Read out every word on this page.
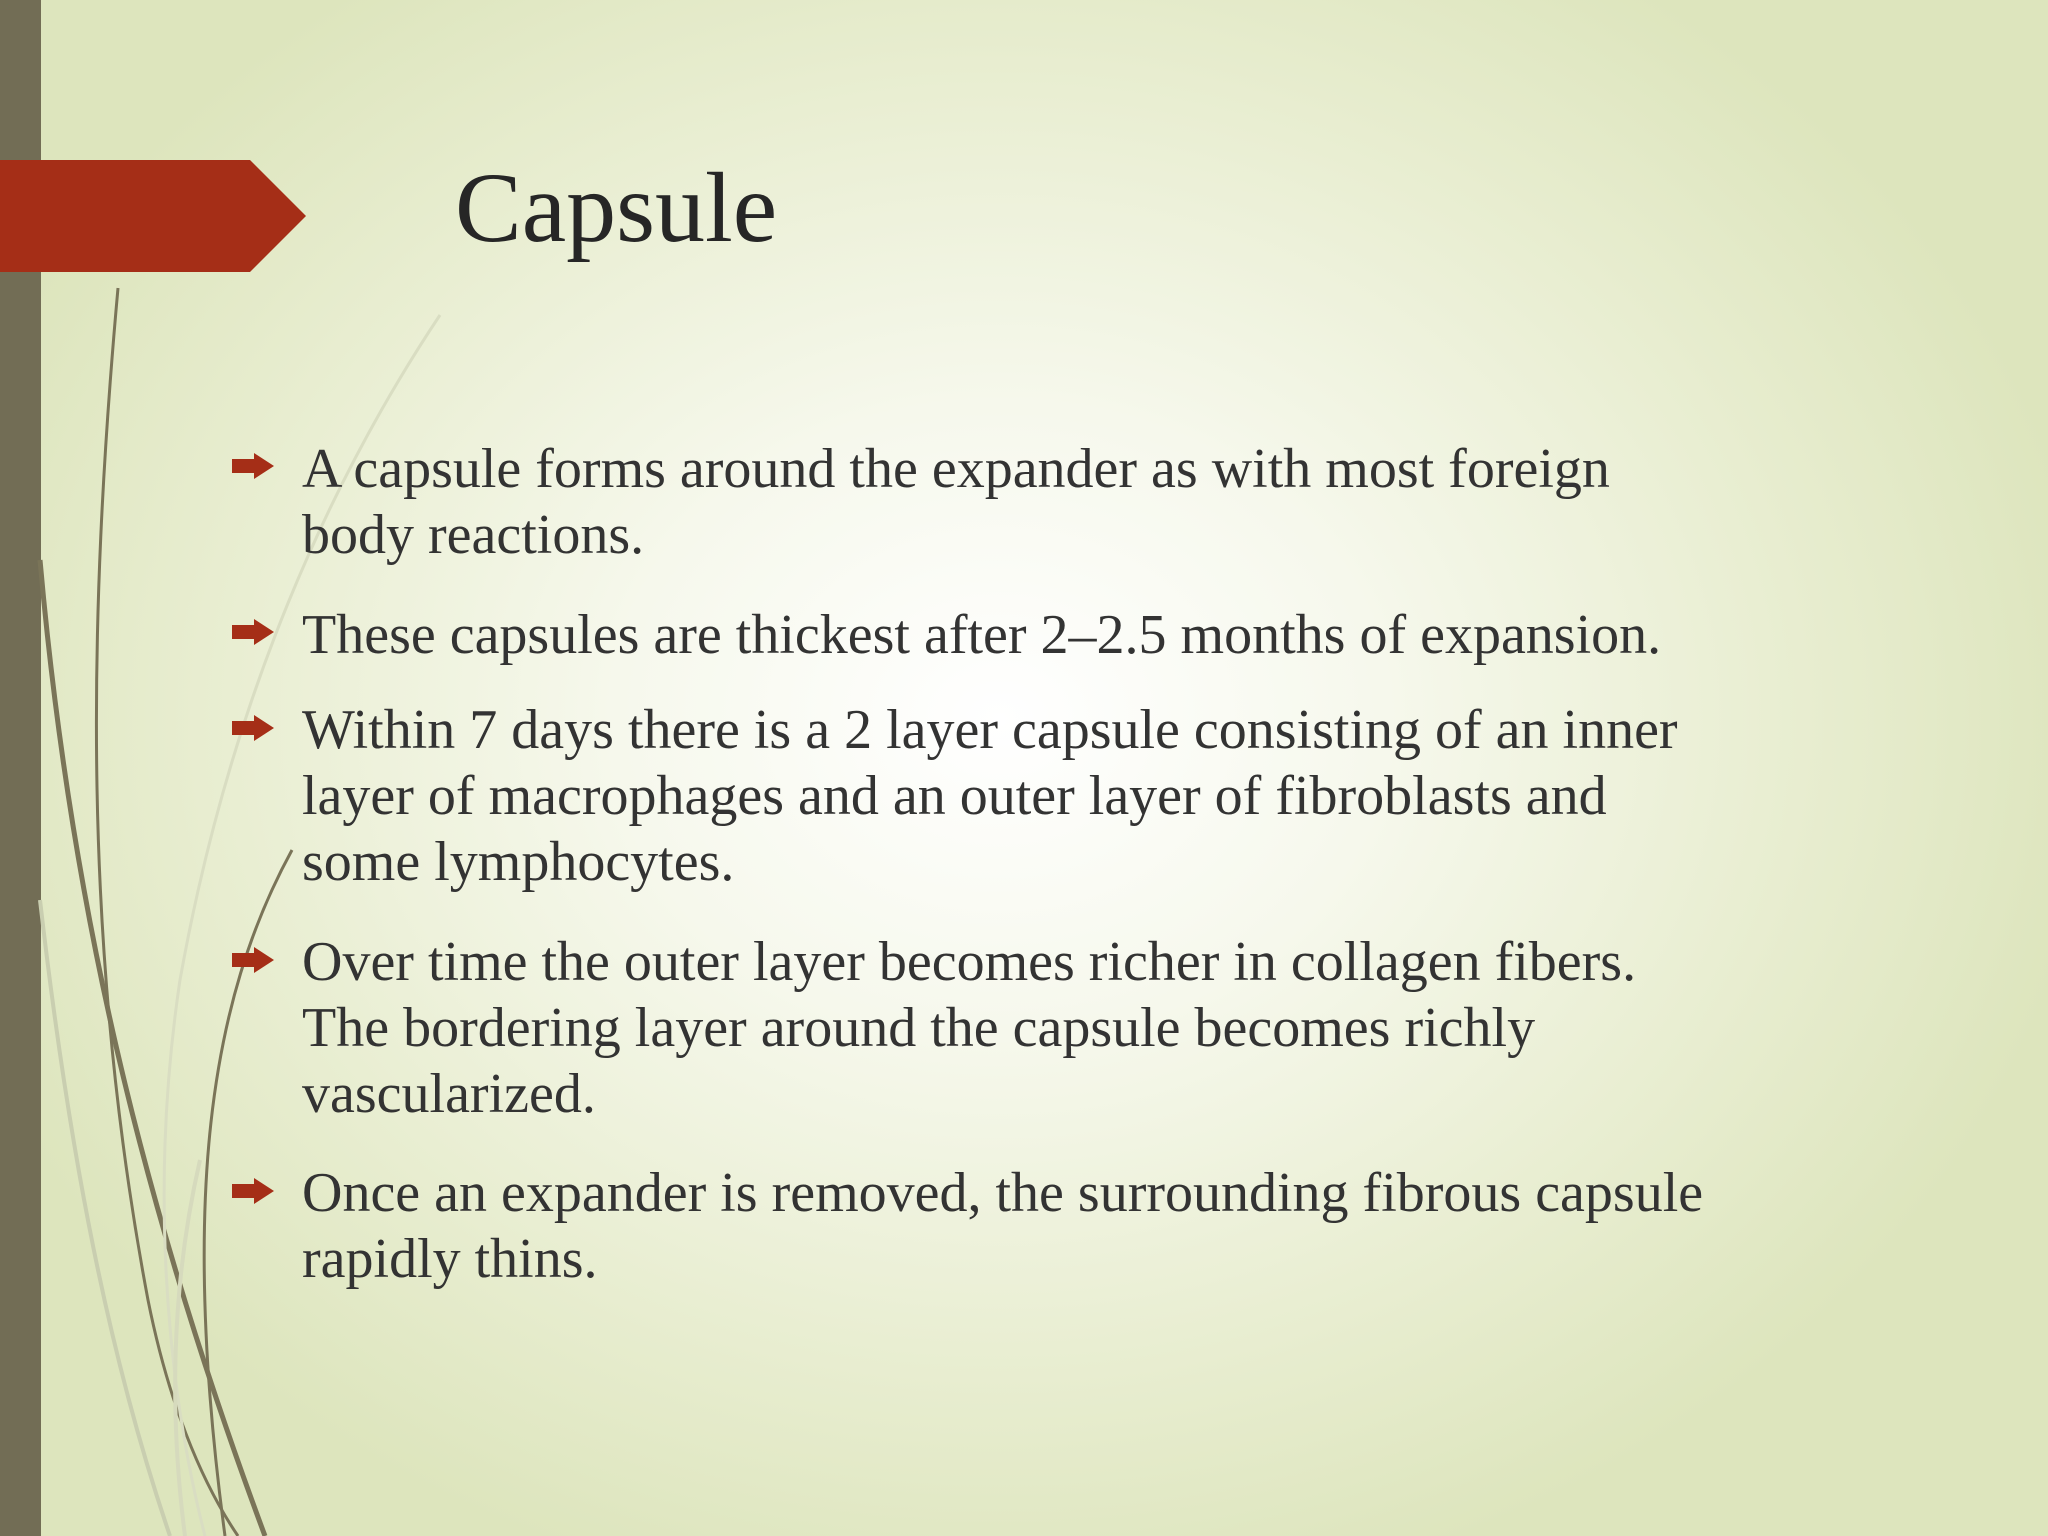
Capsule
A capsule forms around the expander as with most foreign
body reactions.
These capsules are thickest after 2–2.5 months of expansion.
Within 7 days there is a 2 layer capsule consisting of an inner
layer of macrophages and an outer layer of fibroblasts and
some lymphocytes.
Over time the outer layer becomes richer in collagen fibers.
The bordering layer around the capsule becomes richly
vascularized.
Once an expander is removed, the surrounding fibrous capsule
rapidly thins.
